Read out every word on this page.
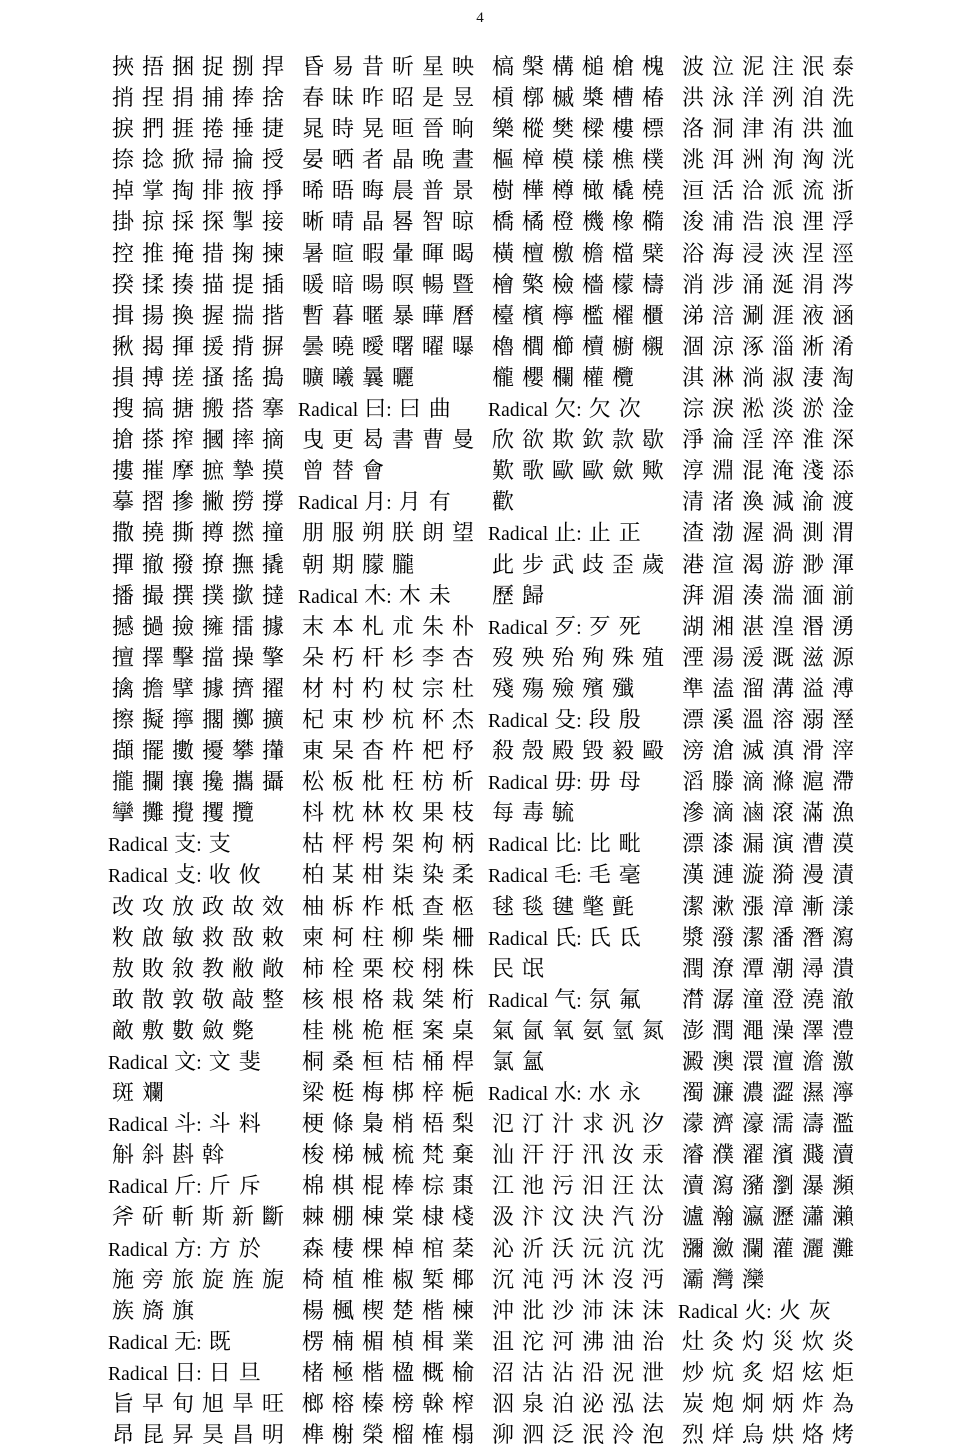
4
挾 捂 捆 捉 捌 捍
捎 捏 捐 捕 捧 捨
捩 捫 捱 捲 捶 捷
捺 捻 掀 掃 掄 授
掉 掌 掏 排 掖 掙
掛 掠 採 探 掣 接
控 推 掩 措 掬 揀
揆 揉 揍 描 提 插
揖 揚 換 握 揣 揩
揪 揭 揮 援 揹 摒
損 搏 搓 搔 搖 搗
搜 搞 搪 搬 搭 搴
搶 搽 搾 摑 摔 摘
摟 摧 摩 摭 摯 摸
摹 摺 摻 撇 撈 撐
撒 撓 撕 撙 撚 撞
撣 撤 撥 撩 撫 撬
播 撮 撰 撲 撳 撻
撼 撾 撿 擁 擂 據
擅 擇 擊 擋 操 擎
擒 擔 擘 據 擠 擢
擦 擬 擰 擱 擲 擴
擷 擺 擻 擾 攀 攆
攏 攔 攘 攙 攜 攝
攣 攤 攪 攫 攬
Radical 支 : 支
Radical 攴 : 收 攸
改 攻 放 政 故 效
敉 啟 敏 救 敔 敕
敖 敗 敘 教 敝 敞
敢 散 敦 敬 敲 整
敵 敷 數 斂 斃
Radical 文 : 文 斐
斑 斕
Radical 斗 : 斗 料
斛 斜 斟 斡
Radical 斤 : 斤 斥
斧 斫 斬 斯 新 斷
Radical 方 : 方 於
施 旁 旅 旋 旌 旎
族 旖 旗
Radical 无 : 既
Radical 日 : 日 旦
旨 早 旬 旭 旱 旺
昂 昆 昇 昊 昌 明
昏 易 昔 昕 星 映
春 昧 昨 昭 是 昱
晁 時 晃 晅 晉 晌
晏 晒 者 晶 晚 晝
晞 晤 晦 晨 普 景
晰 晴 晶 晷 智 晾
暑 暄 暇 暈 暉 暍
暖 暗 暘 暝 暢 暨
暫 暮 暱 暴 曄 曆
曇 曉 曖 曙 曜 曝
曠 曦 曩 曬
Radical 曰 : 曰 曲
曳 更 曷 書 曹 曼
曾 替 會
Radical 月 : 月 有
朋 服 朔 朕 朗 望
朝 期 朦 朧
Radical 木 : 木 未
末 本 札 朮 朱 朴
朵 朽 杆 杉 李 杏
材 村 杓 杖 宗 杜
杞 束 杪 杭 杯 杰
東 杲 杳 杵 杷 杼
松 板 枇 枉 枋 析
枓 枕 林 枚 果 枝
枯 枰 枵 架 枸 柄
柏 某 柑 柒 染 柔
柚 柝 柞 柢 查 柩
柬 柯 柱 柳 柴 柵
柿 栓 栗 校 栩 株
核 根 格 栽 桀 桁
桂 桃 桅 框 案 桌
桐 桑 桓 桔 桶 桿
梁 梃 梅 梆 梓 梔
梗 條 梟 梢 梧 梨
梭 梯 械 梳 梵 棄
棉 棋 棍 棒 棕 棗
棘 棚 棟 棠 棣 棧
森 棲 棵 棹 棺 棻
椅 植 椎 椒 椠 椰
楊 楓 楔 楚 楷 楝
楞 楠 楣 楨 楫 業
楮 極 楷 楹 概 榆
榔 榕 榛 榜 榦 榨
榫 榭 榮 榴 榷 榻
槁 槃 構 槌 槍 槐
槓 槨 槭 槳 槽 椿
樂 樅 樊 樑 樓 標
樞 樟 模 樣 樵 樸
樹 樺 樽 橄 橇 橈
橋 橘 橙 機 橡 橢
橫 檀 檄 檐 檔 檗
檜 檠 檢 檣 檬 檮
檯 檳 檸 檻 櫂 櫃
櫓 櫚 櫛 櫝 櫥 櫬
櫳 櫻 欄 權 欖
Radical 欠 : 欠 次
欣 欲 欺 欽 款 歇
歎 歌 歐 歐 歛 歟
歡
Radical 止 : 止 正
此 步 武 歧 歪 歲
歷 歸
Radical 歹 : 歹 死
歿 殃 殆 殉 殊 殖
殘 殤 殮 殯 殲
Radical 殳 : 段 殷
殺 殼 殿 毀 毅 毆
Radical 毋 : 毋 母
每 毒 毓
Radical 比 : 比 毗
Radical 毛 : 毛 毫
毬 毯 毽 氅 氈
Radical 氏 : 氏 氐
民 氓
Radical 气 : 氛 氟
氣 氤 氧 氨 氫 氮
氯 氳
Radical 水 : 水 永
氾 汀 汁 求 汎 汐
汕 汗 汙 汛 汝 汞
江 池 污 汨 汪 汰
汲 汴 汶 決 汽 汾
沁 沂 沃 沅 沆 沈
沉 沌 沔 沐 沒 沔
沖 沘 沙 沛 沫 沫
沮 沱 河 沸 油 治
沼 沽 沾 沿 況 泄
泅 泉 泊 泌 泓 法
泖 泗 泛 泯 泠 泡
波 泣 泥 注 泯 泰
洪 泳 洋 洌 洎 洗
洛 洞 津 洧 洪 洫
洮 洱 洲 洵 洶 洸
洹 活 洽 派 流 浙
浚 浦 浩 浪 浬 浮
浴 海 浸 浹 涅 涇
消 涉 涌 涎 涓 涔
涕 涪 涮 涯 液 涵
涸 涼 涿 淄 淅 淆
淇 淋 淌 淑 淒 淘
淙 淚 淞 淡 淤 淦
淨 淪 淫 淬 淮 深
淳 淵 混 淹 淺 添
清 渚 渙 減 渝 渡
渣 渤 渥 渦 測 渭
港 渲 渴 游 渺 渾
湃 湄 湊 湍 湎 湔
湖 湘 湛 湟 湣 湧
湮 湯 湲 溉 滋 源
準 溘 溜 溝 溢 溥
漂 溪 溫 溶 溺 溼
滂 滄 滅 滇 滑 滓
滔 滕 滴 滌 滬 滯
滲 滴 滷 滾 滿 漁
漂 漆 漏 演 漕 漠
漢 漣 漩 漪 漫 漬
潔 漱 漲 漳 漸 漾
漿 潑 潔 潘 潛 瀉
潤 潦 潭 潮 潯 潰
潸 潺 潼 澄 澆 澈
澎 潤 澠 澡 澤 澧
澱 澳 澴 澶 澹 激
濁 濂 濃 澀 濕 濘
濛 濟 濠 濡 濤 濫
濬 濮 濯 濱 濺 瀆
瀆 瀉 瀦 瀏 瀑 瀕
瀘 瀚 瀛 瀝 瀟 瀨
瀰 瀲 瀾 灌 灑 灘
灞 灣 灤
Radical 火 : 火 灰
灶 灸 灼 災 炊 炎
炒 炕 炙 炤 炫 炬
炭 炮 炯 炳 炸 為
烈 烊 烏 烘 烙 烤
